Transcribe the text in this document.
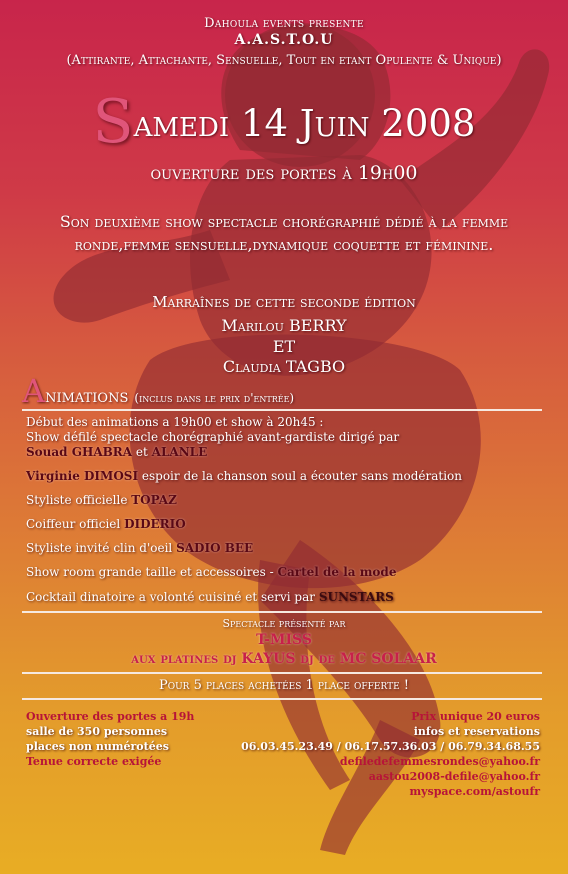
Dahoula events presente
A.A.S.T.O.U
(Attirante, Attachante, Sensuelle, Tout en etant Opulente & Unique)
Samedi 14 Juin 2008
ouverture des portes à 19h00
Son deuxième show spectacle chorégraphié dédié à la femme ronde,femme sensuelle,dynamique coquette et féminine.
Marraînes de cette seconde édition
Marilou BERRY
ET
Claudia TAGBO
Animations (inclus dans le prix d'entrée)
Début des animations a 19h00 et show à 20h45 :
Show défilé spectacle chorégraphié avant-gardiste dirigé par
Souad GHABRA et ALANLE
Virginie DIMOSI espoir de la chanson soul a écouter sans modération
Styliste officielle TOPAZ
Coiffeur officiel DIDERIO
Styliste invité clin d'oeil SADIO BEE
Show room grande taille et accessoires - Cartel de la mode
Cocktail dinatoire a volonté cuisiné et servi par SUNSTARS
Spectacle présenté par
T-MISS
aux platines dj KAYUS dj de MC SOLAAR
Pour 5 places achetées 1 place offerte !
Ouverture des portes a 19h
salle de 350 personnes
places non numérotées
Tenue correcte exigée
Prix unique 20 euros
infos et reservations
06.03.45.23.49 / 06.17.57.36.03 / 06.79.34.68.55
defiledefemmesrondes@yahoo.fr
aastou2008-defile@yahoo.fr
myspace.com/astoufr
